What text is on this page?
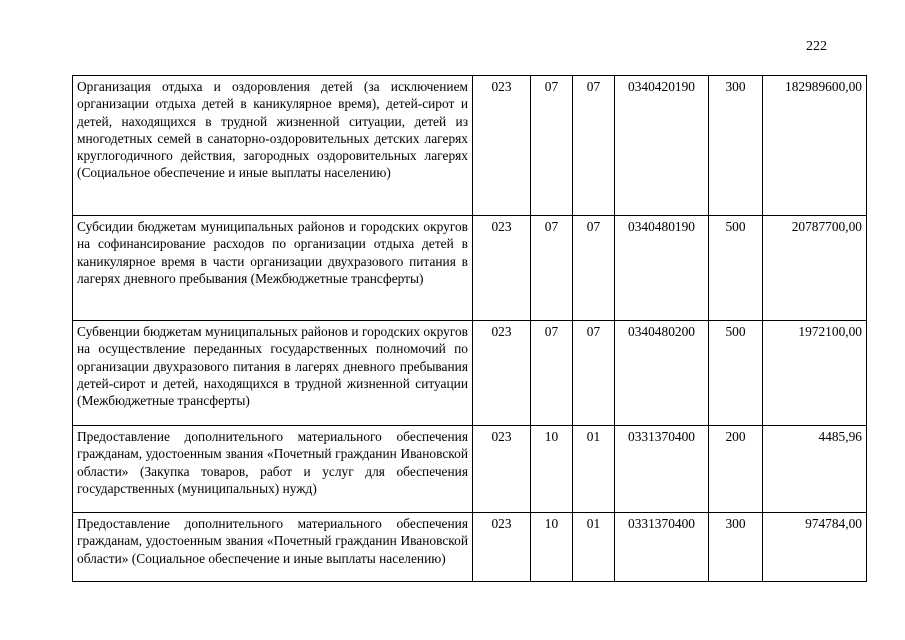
222
Организация отдыха и оздоровления детей (за исключением организации отдыха детей в каникулярное время), детей-сирот и детей, находящихся в трудной жизненной ситуации, детей из многодетных семей в санаторно-оздоровительных детских лагерях круглогодичного действия, загородных оздоровительных лагерях (Социальное обеспечение и иные выплаты населению)	023	07	07	0340420190	300	182989600,00
Субсидии бюджетам муниципальных районов и городских округов на софинансирование расходов по организации отдыха детей в каникулярное время в части организации двухразового питания в лагерях дневного пребывания (Межбюджетные трансферты)	023	07	07	0340480190	500	20787700,00
Субвенции бюджетам муниципальных районов и городских округов на осуществление переданных государственных полномочий по организации двухразового питания в лагерях дневного пребывания детей-сирот и детей, находящихся в трудной жизненной ситуации (Межбюджетные трансферты)	023	07	07	0340480200	500	1972100,00
Предоставление дополнительного материального обеспечения гражданам, удостоенным звания «Почетный гражданин Ивановской области» (Закупка товаров, работ и услуг для обеспечения государственных (муниципальных) нужд)	023	10	01	0331370400	200	4485,96
Предоставление дополнительного материального обеспечения гражданам, удостоенным звания «Почетный гражданин Ивановской области» (Социальное обеспечение и иные выплаты населению)	023	10	01	0331370400	300	974784,00
